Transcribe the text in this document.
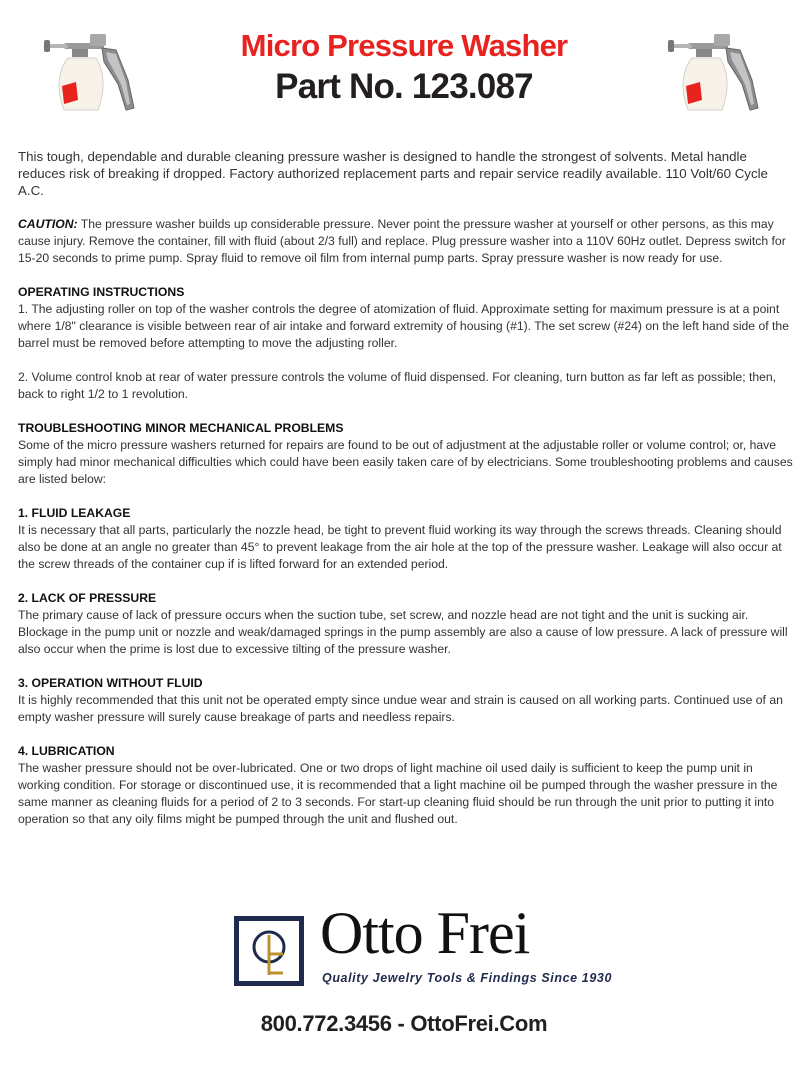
Micro Pressure Washer
Part No. 123.087

This tough, dependable and durable cleaning pressure washer is designed to handle the strongest of solvents. Metal handle reduces risk of breaking if dropped. Factory authorized replacement parts and repair service readily available. 110 Volt/60 Cycle A.C.

CAUTION: The pressure washer builds up considerable pressure. Never point the pressure washer at yourself or other persons, as this may cause injury. Remove the container, fill with fluid (about 2/3 full) and replace. Plug pressure washer into a 110V 60Hz outlet. Depress switch for 15-20 seconds to prime pump. Spray fluid to remove oil film from internal pump parts. Spray pressure washer is now ready for use.

OPERATING INSTRUCTIONS

1. The adjusting roller on top of the washer controls the degree of atomization of fluid. Approximate setting for maximum pressure is at a point where 1/8" clearance is visible between rear of air intake and forward extremity of housing (#1). The set screw (#24) on the left hand side of the barrel must be removed before attempting to move the adjusting roller.

2. Volume control knob at rear of water pressure controls the volume of fluid dispensed. For cleaning, turn button as far left as possible; then, back to right 1/2 to 1 revolution.

TROUBLESHOOTING MINOR MECHANICAL PROBLEMS

Some of the micro pressure washers returned for repairs are found to be out of adjustment at the adjustable roller or volume control; or, have simply had minor mechanical difficulties which could have been easily taken care of by electricians. Some troubleshooting problems and causes are listed below:

1. FLUID LEAKAGE

It is necessary that all parts, particularly the nozzle head, be tight to prevent fluid working its way through the screws threads. Cleaning should also be done at an angle no greater than 45° to prevent leakage from the air hole at the top of the pressure washer. Leakage will also occur at the screw threads of the container cup if is lifted forward for an extended period.

2. LACK OF PRESSURE

The primary cause of lack of pressure occurs when the suction tube, set screw, and nozzle head are not tight and the unit is sucking air. Blockage in the pump unit or nozzle and weak/damaged springs in the pump assembly are also a cause of low pressure. A lack of pressure will also occur when the prime is lost due to excessive tilting of the pressure washer.

3. OPERATION WITHOUT FLUID

It is highly recommended that this unit not be operated empty since undue wear and strain is caused on all working parts. Continued use of an empty washer pressure will surely cause breakage of parts and needless repairs.

4. LUBRICATION

The washer pressure should not be over-lubricated. One or two drops of light machine oil used daily is sufficient to keep the pump unit in working condition. For storage or discontinued use, it is recommended that a light machine oil be pumped through the washer pressure in the same manner as cleaning fluids for a period of 2 to 3 seconds. For start-up cleaning fluid should be run through the unit prior to putting it into operation so that any oily films might be pumped through the unit and flushed out.

Otto Frei
Quality Jewelry Tools & Findings Since 1930
800.772.3456 - OttoFrei.Com
